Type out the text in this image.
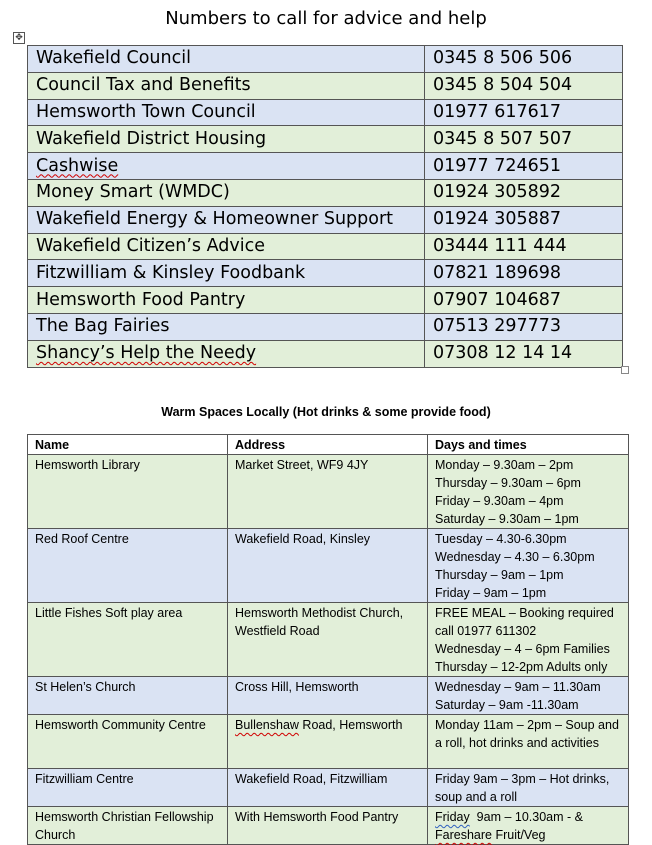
Numbers to call for advice and help
✥
Wakefield Council	0345 8 506 506
Council Tax and Benefits	0345 8 504 504
Hemsworth Town Council	01977 617617
Wakefield District Housing	0345 8 507 507
Cashwise	01977 724651
Money Smart (WMDC)	01924 305892
Wakefield Energy & Homeowner Support	01924 305887
Wakefield Citizen’s Advice	03444 111 444
Fitzwilliam & Kinsley Foodbank	07821 189698
Hemsworth Food Pantry	07907 104687
The Bag Fairies	07513 297773
Shancy’s Help the Needy	07308 12 14 14
Warm Spaces Locally (Hot drinks & some provide food)
Name	Address	Days and times
Hemsworth Library	Market Street, WF9 4JY	Monday – 9.30am – 2pm
Thursday – 9.30am – 6pm
Friday – 9.30am – 4pm
Saturday – 9.30am – 1pm

Red Roof Centre	Wakefield Road, Kinsley	Tuesday – 4.30-6.30pm
Wednesday – 4.30 – 6.30pm
Thursday – 9am – 1pm
Friday – 9am – 1pm

Little Fishes Soft play area	Hemsworth Methodist Church, Westfield Road	FREE MEAL – Booking required call 01977 611302
Wednesday – 4 – 6pm Families
Thursday – 12-2pm Adults only

St Helen’s Church	Cross Hill, Hemsworth	Wednesday – 9am – 11.30am
Saturday – 9am -11.30am

Hemsworth Community Centre	Bullenshaw Road, Hemsworth	Monday 11am – 2pm – Soup and a roll, hot drinks and activities

Fitzwilliam Centre	Wakefield Road, Fitzwilliam	Friday 9am – 3pm – Hot drinks, soup and a roll

Hemsworth Christian Fellowship Church	With Hemsworth Food Pantry	Friday  9am – 10.30am - & Fareshare Fruit/Veg
